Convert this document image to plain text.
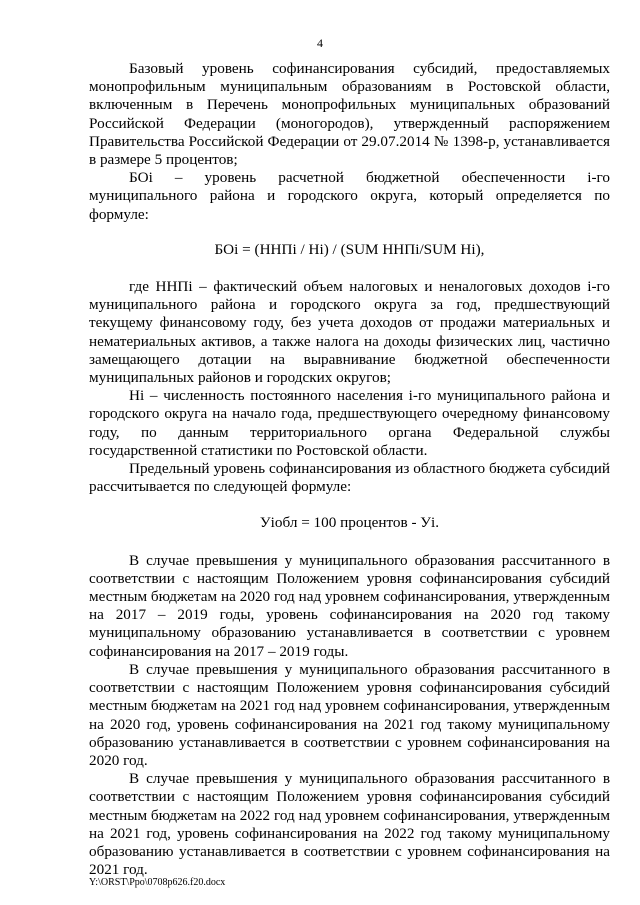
4

Базовый уровень софинансирования субсидий, предоставляемых монопрофильным муниципальным образованиям в Ростовской области, включенным в Перечень монопрофильных муниципальных образований Российской Федерации (моногородов), утвержденный распоряжением Правительства Российской Федерации от 29.07.2014 № 1398-р, устанавливается в размере 5 процентов;

БОi – уровень расчетной бюджетной обеспеченности i-го муниципального района и городского округа, который определяется по формуле:

БОi = (ННПi / Нi) / (SUM ННПi/SUM Нi),

где ННПi – фактический объем налоговых и неналоговых доходов i-го муниципального района и городского округа за год, предшествующий текущему финансовому году, без учета доходов от продажи материальных и нематериальных активов, а также налога на доходы физических лиц, частично замещающего дотации на выравнивание бюджетной обеспеченности муниципальных районов и городских округов;

Нi – численность постоянного населения i-го муниципального района и городского округа на начало года, предшествующего очередному финансовому году, по данным территориального органа Федеральной службы государственной статистики по Ростовской области.

Предельный уровень софинансирования из областного бюджета субсидий рассчитывается по следующей формуле:

Уiобл = 100 процентов - Уi.

В случае превышения у муниципального образования рассчитанного в соответствии с настоящим Положением уровня софинансирования субсидий местным бюджетам на 2020 год над уровнем софинансирования, утвержденным на 2017 – 2019 годы, уровень софинансирования на 2020 год такому муниципальному образованию устанавливается в соответствии с уровнем софинансирования на 2017 – 2019 годы.

В случае превышения у муниципального образования рассчитанного в соответствии с настоящим Положением уровня софинансирования субсидий местным бюджетам на 2021 год над уровнем софинансирования, утвержденным на 2020 год, уровень софинансирования на 2021 год такому муниципальному образованию устанавливается в соответствии с уровнем софинансирования на 2020 год.

В случае превышения у муниципального образования рассчитанного в соответствии с настоящим Положением уровня софинансирования субсидий местным бюджетам на 2022 год над уровнем софинансирования, утвержденным на 2021 год, уровень софинансирования на 2022 год такому муниципальному образованию устанавливается в соответствии с уровнем софинансирования на 2021 год.

Y:\ORST\Ppo\0708p626.f20.docx
